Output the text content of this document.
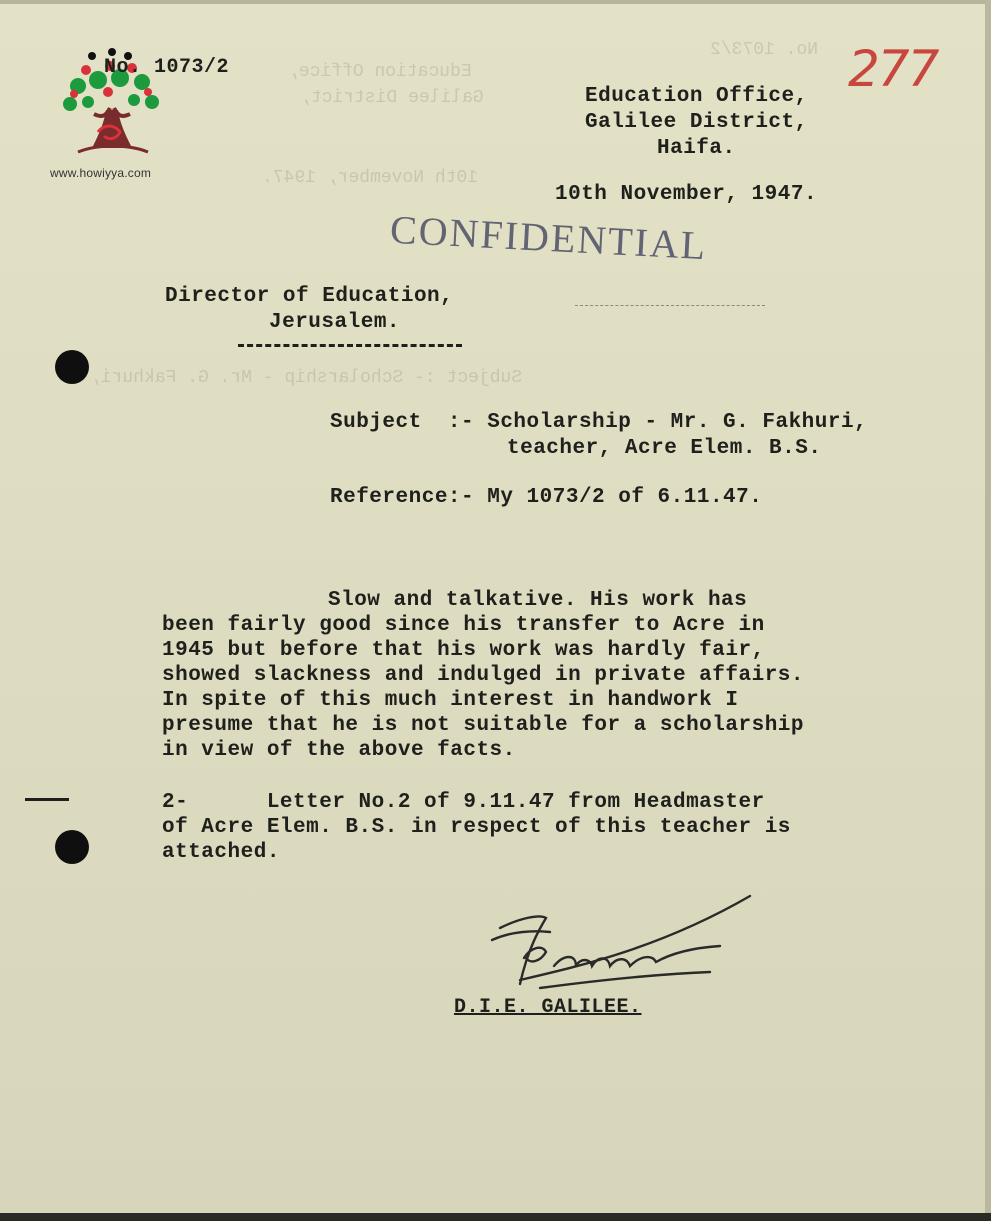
Education Office,
Galilee District,
10th November, 1947.
Subject :- Scholarship - Mr. G. Fakhuri,
No. 1073/2
www.howiyya.com
No. 1073/2	277
Education Office,
Galilee District,
Haifa.
10th November, 1947.
CONFIDENTIAL
Director of Education,
Jerusalem.
Subject  :- Scholarship - Mr. G. Fakhuri,
teacher, Acre Elem. B.S.
Reference:- My 1073/2 of 6.11.47.
Slow and talkative. His work has
been fairly good since his transfer to Acre in
1945 but before that his work was hardly fair,
showed slackness and indulged in private affairs.
In spite of this much interest in handwork I
presume that he is not suitable for a scholarship
in view of the above facts.
2-      Letter No.2 of 9.11.47 from Headmaster
of Acre Elem. B.S. in respect of this teacher is
attached.
D.I.E. GALILEE.
